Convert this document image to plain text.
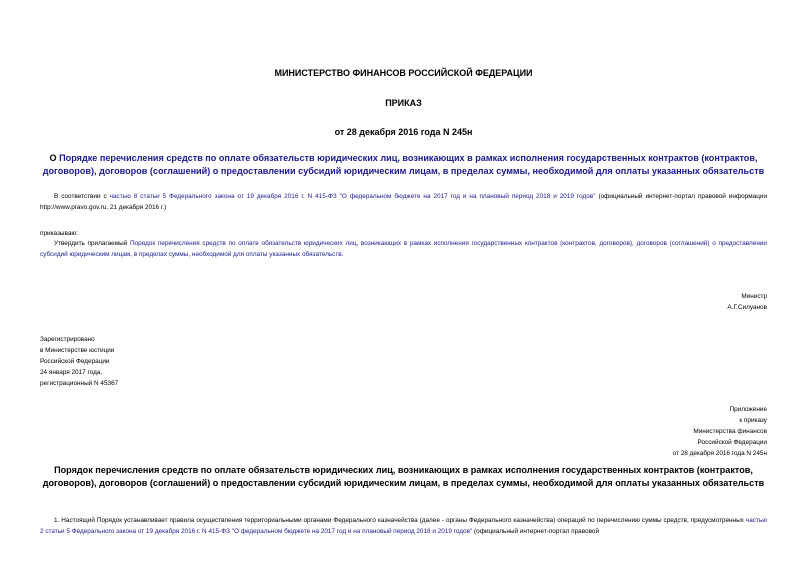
МИНИСТЕРСТВО ФИНАНСОВ РОССИЙСКОЙ ФЕДЕРАЦИИ
ПРИКАЗ
от 28 декабря 2016 года N 245н
О Порядке перечисления средств по оплате обязательств юридических лиц, возникающих в рамках исполнения государственных контрактов (контрактов, договоров), договоров (соглашений) о предоставлении субсидий юридическим лицам, в пределах суммы, необходимой для оплаты указанных обязательств
В соответствии с частью 8 статьи 5 Федерального закона от 19 декабря 2016 г. N 415-ФЗ "О федеральном бюджете на 2017 год и на плановый период 2018 и 2019 годов" (официальный интернет-портал правовой информации http://www.pravo.gov.ru, 21 декабря 2016 г.)
приказываю:
Утвердить прилагаемый Порядок перечисления средств по оплате обязательств юридических лиц, возникающих в рамках исполнения государственных контрактов (контрактов, договоров), договоров (соглашений) о предоставлении субсидий юридическим лицам, в пределах суммы, необходимой для оплаты указанных обязательств.
Министр
А.Г.Силуанов
Зарегистрировано
в Министерстве юстиции
Российской Федерации
24 января 2017 года,
регистрационный N 45367
Приложение
к приказу
Министерства финансов
Российской Федерации
от 28 декабря 2016 года N 245н
Порядок перечисления средств по оплате обязательств юридических лиц, возникающих в рамках исполнения государственных контрактов (контрактов, договоров), договоров (соглашений) о предоставлении субсидий юридическим лицам, в пределах суммы, необходимой для оплаты указанных обязательств
1. Настоящий Порядок устанавливает правила осуществления территориальными органами Федерального казначейства (далее - органы Федерального казначейства) операций по перечислению суммы средств, предусмотренных частью 2 статьи 5 Федерального закона от 19 декабря 2016 г. N 415-ФЗ "О федеральном бюджете на 2017 год и на плановый период 2018 и 2019 годов" (официальный интернет-портал правовой
